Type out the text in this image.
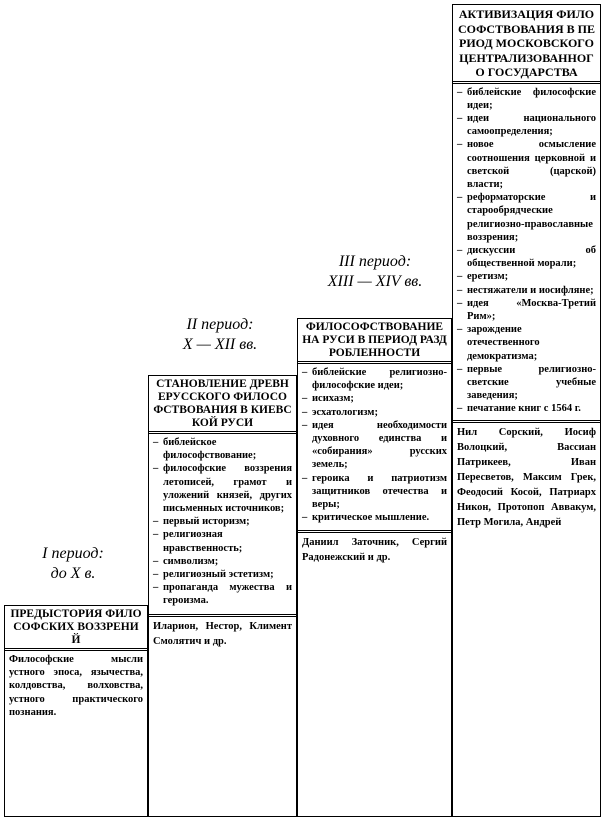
I период:
до X в.
II период:
X — XII вв.
III период:
XIII — XIV вв.
ПРЕДЫСТОРИЯ ФИЛОСОФСКИХ ВОЗЗРЕНИЙ

Философские мысли устного эпоса, язычества, колдовства, волховства, устного практического познания.

СТАНОВЛЕНИЕ ДРЕВНЕРУССКОГО ФИЛОСОФСТВОВАНИЯ В КИЕВСКОЙ РУСИ
– библейское философствование;
– философские воззрения летописей, грамот и уложений князей, других письменных источников;
– первый историзм;
– религиозная нравственность;
– символизм;
– религиозный эстетизм;
– пропаганда мужества и героизма.
Иларион, Нестор, Климент Смолятич и др.
ФИЛОСОФСТВОВАНИЕ НА РУСИ В ПЕРИОД РАЗДРОБЛЕННОСТИ
– библейские религиозно-философские идеи;
– исихазм;
– эсхатологизм;
– идея необходимости духовного единства и «собирания» русских земель;
– героика и патриотизм защитников отечества и веры;
– критическое мышление.
Даниил Заточник, Сергий Радонежский и др.
АКТИВИЗАЦИЯ ФИЛОСОФСТВОВАНИЯ В ПЕРИОД МОСКОВСКОГО ЦЕНТРАЛИЗОВАННОГО ГОСУДАРСТВА
– библейские философские идеи;
– идеи национального самоопределения;
– новое осмысление соотношения церковной и светской (царской) власти;
– реформаторские и старообрядческие религиозно-православные воззрения;
– дискуссии об общественной морали;
– еретизм;
– нестяжатели и иосифляне;
– идея «Москва-Третий Рим»;
– зарождение отечественного демократизма;
– первые религиозно-светские учебные заведения;
– печатание книг с 1564 г.
Нил Сорский, Иосиф Волоцкий, Вассиан Патрикеев, Иван Пересветов, Максим Грек, Феодосий Косой, Патриарх Никон, Протопоп Аввакум, Петр Могила, Андрей
